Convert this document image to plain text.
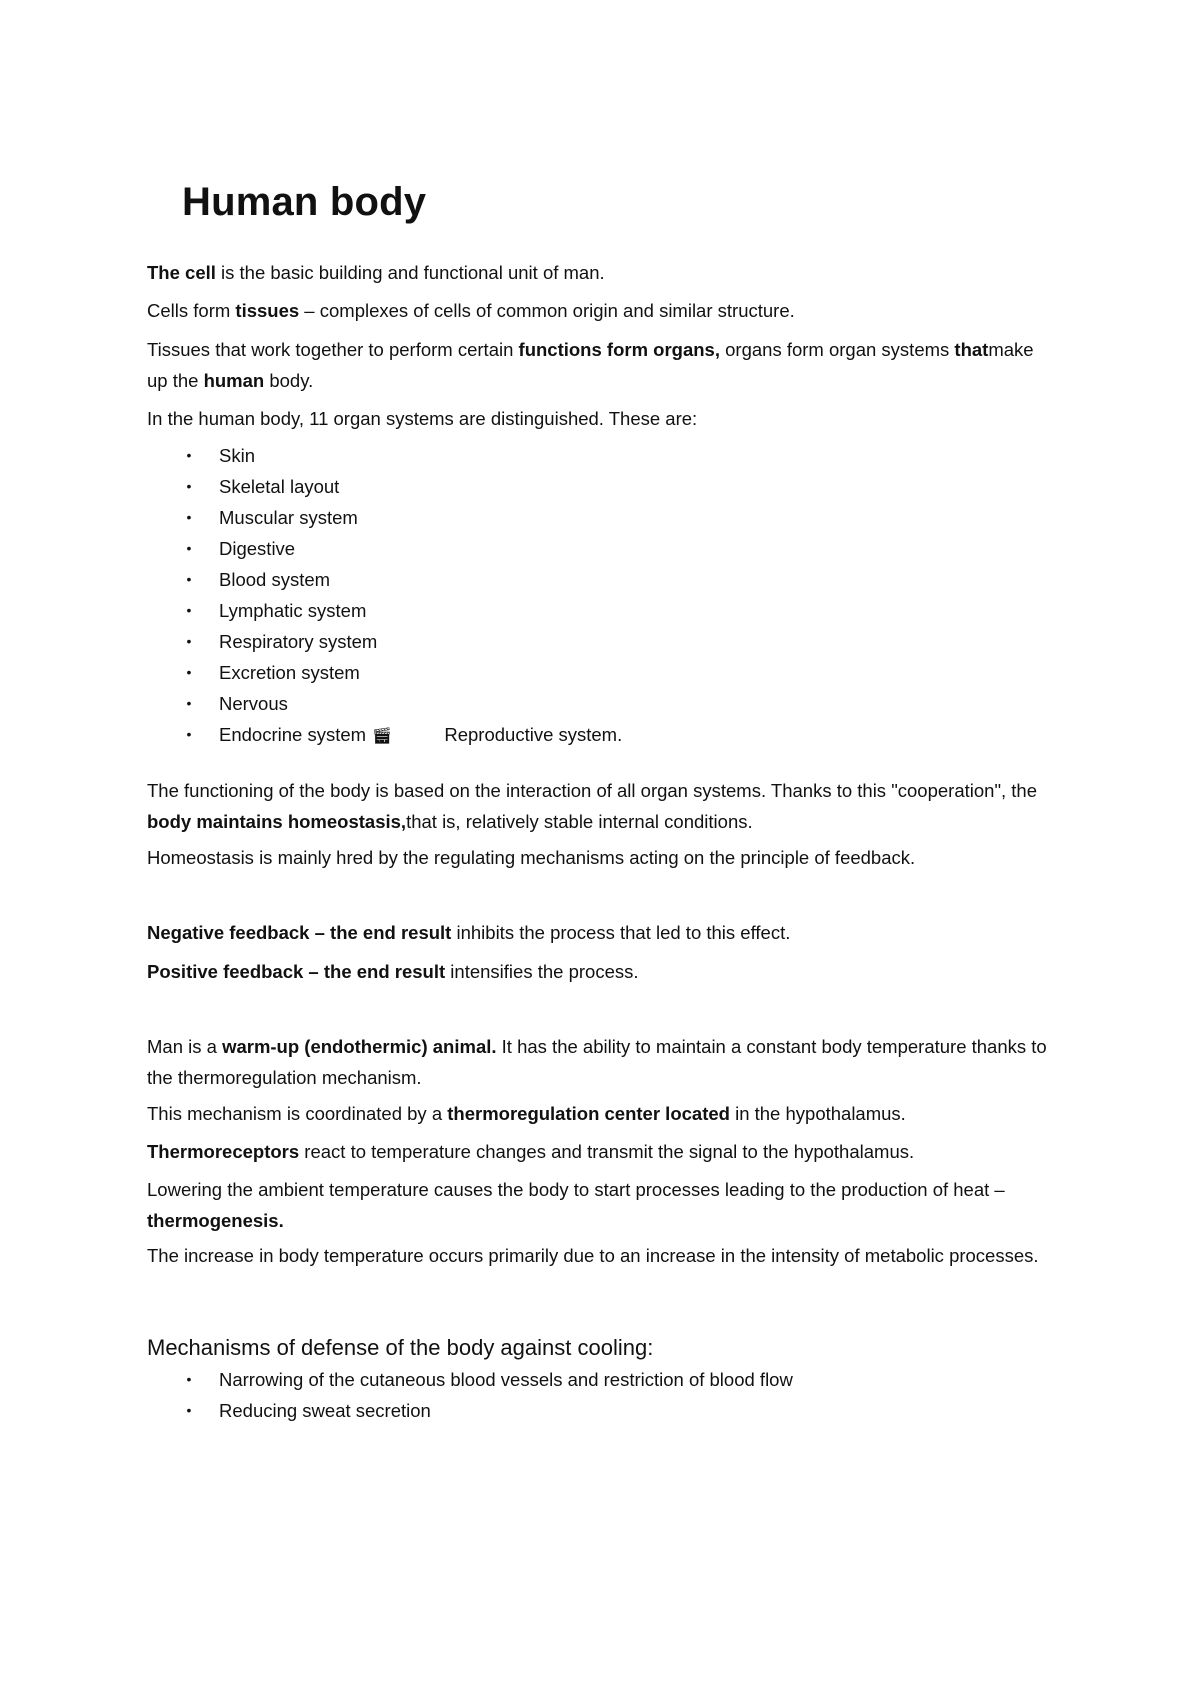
Human body

The cell is the basic building and functional unit of man.

Cells form tissues – complexes of cells of common origin and similar structure.

Tissues that work together to perform certain functions form organs, organs form organ systems thatmake up the human body.

In the human body, 11 organ systems are distinguished. These are:

• Skin
• Skeletal layout
• Muscular system
• Digestive
• Blood system
• Lymphatic system
• Respiratory system
• Excretion system
• Nervous
• Endocrine system 🎬︎	Reproductive system.

The functioning of the body is based on the interaction of all organ systems. Thanks to this "cooperation", the body maintains homeostasis,that is, relatively stable internal conditions.

Homeostasis is mainly hred by the regulating mechanisms acting on the principle of feedback.

Negative feedback – the end result inhibits the process that led to this effect.

Positive feedback – the end result intensifies the process.

Man is a warm-up (endothermic) animal. It has the ability to maintain a constant body temperature thanks to the thermoregulation mechanism.

This mechanism is coordinated by a thermoregulation center located in the hypothalamus.

Thermoreceptors react to temperature changes and transmit the signal to the hypothalamus.

Lowering the ambient temperature causes the body to start processes leading to the production of heat – thermogenesis.

The increase in body temperature occurs primarily due to an increase in the intensity of metabolic processes.

Mechanisms of defense of the body against cooling:
• Narrowing of the cutaneous blood vessels and restriction of blood flow
• Reducing sweat secretion
